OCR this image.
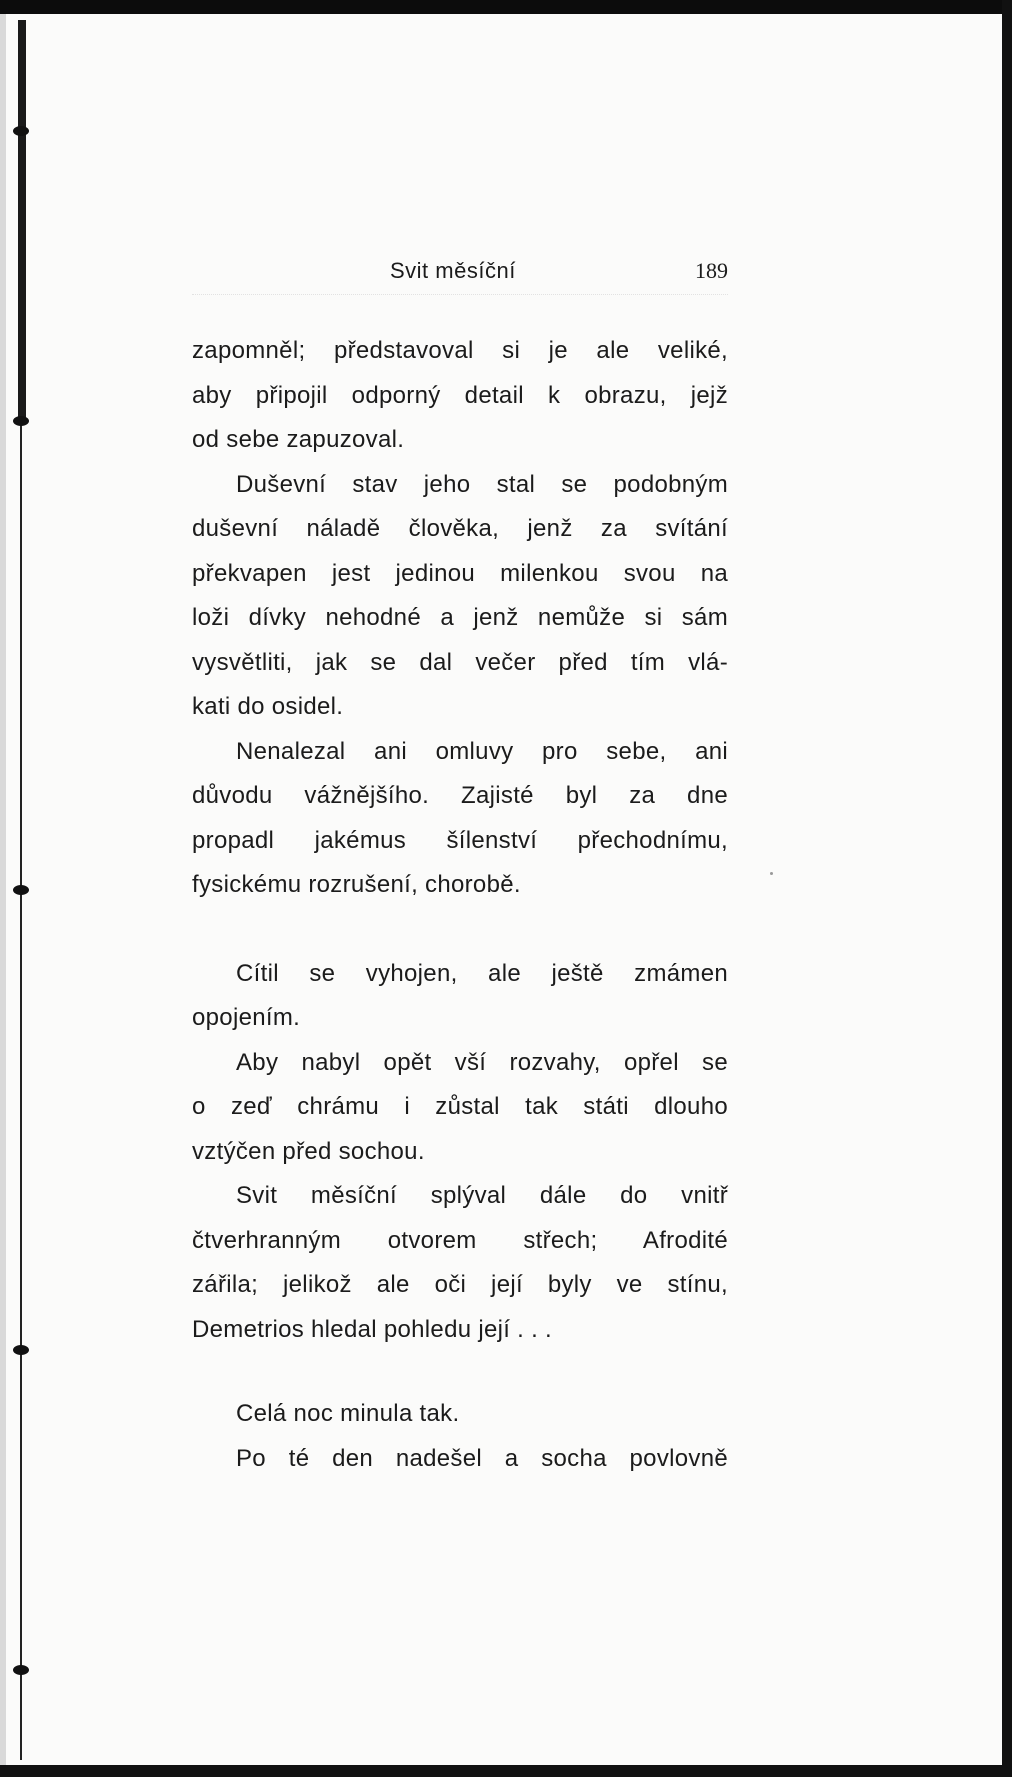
Svit měsíční	189
zapomněl; představoval si je ale veliké,
aby připojil odporný detail k obrazu, jejž
od sebe zapuzoval.
Duševní stav jeho stal se podobným
duševní náladě člověka, jenž za svítání
překvapen jest jedinou milenkou svou na
loži dívky nehodné a jenž nemůže si sám
vysvětliti, jak se dal večer před tím vlá-
kati do osidel.
Nenalezal ani omluvy pro sebe, ani
důvodu vážnějšího. Zajisté byl za dne
propadl jakémus šílenství přechodnímu,
fysickému rozrušení, chorobě.
Cítil se vyhojen, ale ještě zmámen
opojením.
Aby nabyl opět vší rozvahy, opřel se
o zeď chrámu i zůstal tak státi dlouho
vztýčen před sochou.
Svit měsíční splýval dále do vnitř
čtverhranným otvorem střech; Afrodité
zářila; jelikož ale oči její byly ve stínu,
Demetrios hledal pohledu její . . .
Celá noc minula tak.
Po té den nadešel a socha povlovně
